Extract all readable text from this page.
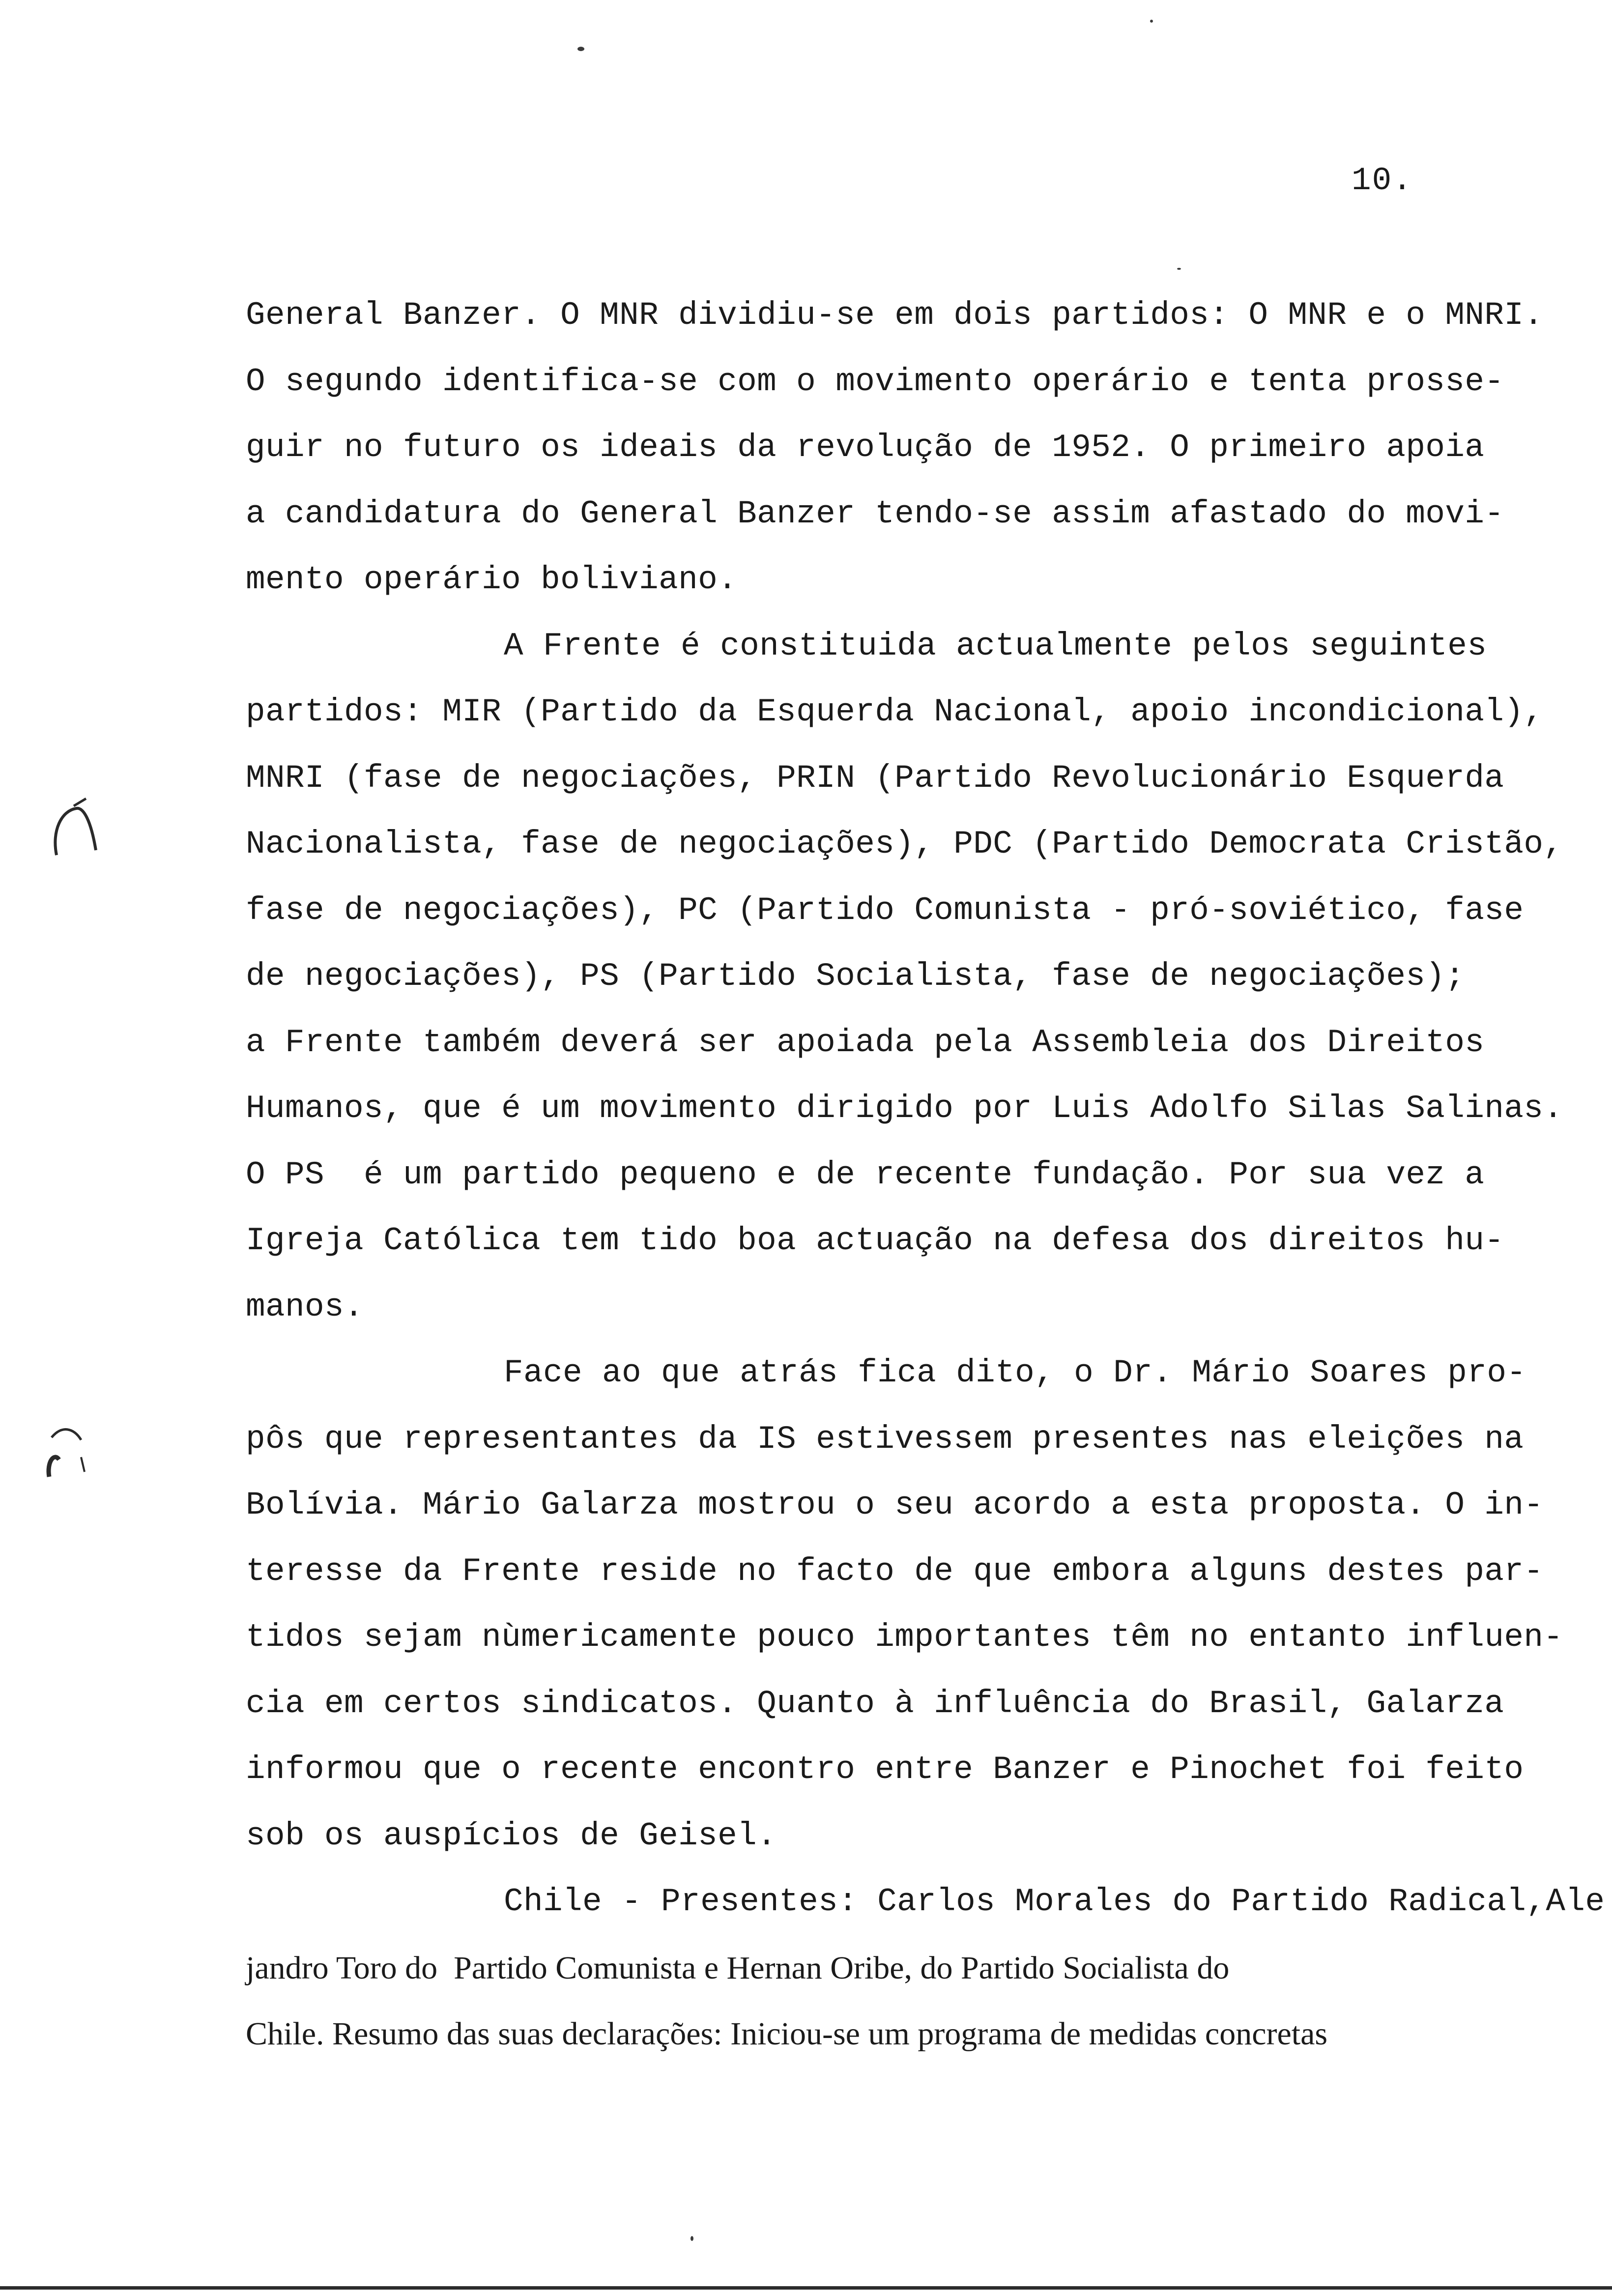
10.
General Banzer. O MNR dividiu-se em dois partidos: O MNR e o MNRI.
O segundo identifica-se com o movimento operário e tenta prosse-
guir no futuro os ideais da revolução de 1952. O primeiro apoia
a candidatura do General Banzer tendo-se assim afastado do movi-
mento operário boliviano.
A Frente é constituida actualmente pelos seguintes
partidos: MIR (Partido da Esquerda Nacional, apoio incondicional),
MNRI (fase de negociações, PRIN (Partido Revolucionário Esquerda
Nacionalista, fase de negociações), PDC (Partido Democrata Cristão,
fase de negociações), PC (Partido Comunista - pró-soviético, fase
de negociações), PS (Partido Socialista, fase de negociações);
a Frente também deverá ser apoiada pela Assembleia dos Direitos
Humanos, que é um movimento dirigido por Luis Adolfo Silas Salinas.
O PS  é um partido pequeno e de recente fundação. Por sua vez a
Igreja Católica tem tido boa actuação na defesa dos direitos hu-
manos.
Face ao que atrás fica dito, o Dr. Mário Soares pro-
pôs que representantes da IS estivessem presentes nas eleições na
Bolívia. Mário Galarza mostrou o seu acordo a esta proposta. O in-
teresse da Frente reside no facto de que embora alguns destes par-
tidos sejam nùmericamente pouco importantes têm no entanto influen-
cia em certos sindicatos. Quanto à influência do Brasil, Galarza
informou que o recente encontro entre Banzer e Pinochet foi feito
sob os auspícios de Geisel.
Chile - Presentes: Carlos Morales do Partido Radical,Ale
jandro Toro do  Partido Comunista e Hernan Oribe, do Partido Socialista do
Chile. Resumo das suas declarações: Iniciou-se um programa de medidas concretas
